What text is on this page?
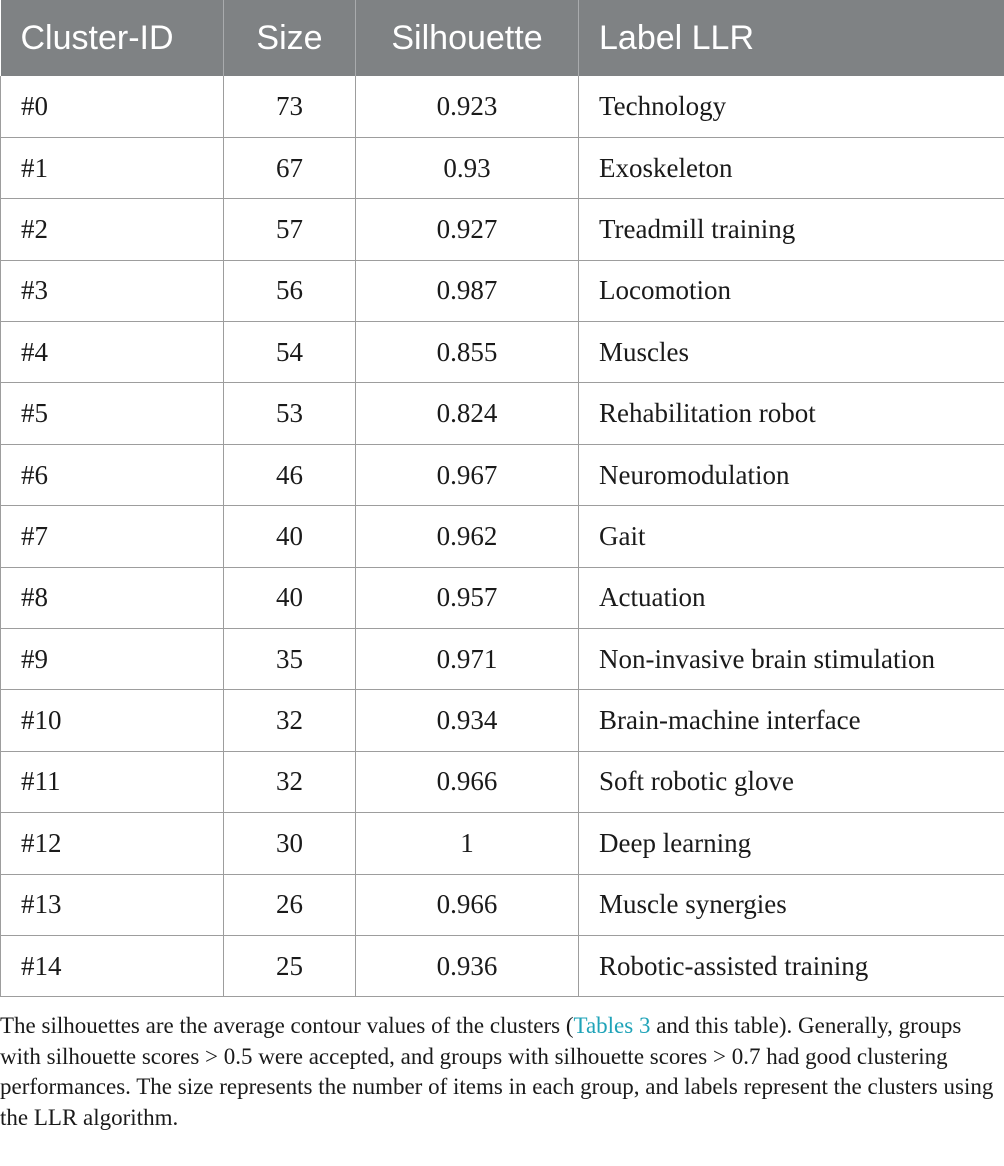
Cluster-ID	Size	Silhouette	Label LLR
#0	73	0.923	Technology
#1	67	0.93	Exoskeleton
#2	57	0.927	Treadmill training
#3	56	0.987	Locomotion
#4	54	0.855	Muscles
#5	53	0.824	Rehabilitation robot
#6	46	0.967	Neuromodulation
#7	40	0.962	Gait
#8	40	0.957	Actuation
#9	35	0.971	Non-invasive brain stimulation
#10	32	0.934	Brain-machine interface
#11	32	0.966	Soft robotic glove
#12	30	1	Deep learning
#13	26	0.966	Muscle synergies
#14	25	0.936	Robotic-assisted training

The silhouettes are the average contour values of the clusters (Tables 3 and this table). Generally, groups with silhouette scores > 0.5 were accepted, and groups with silhouette scores > 0.7 had good clustering performances. The size represents the number of items in each group, and labels represent the clusters using the LLR algorithm.
